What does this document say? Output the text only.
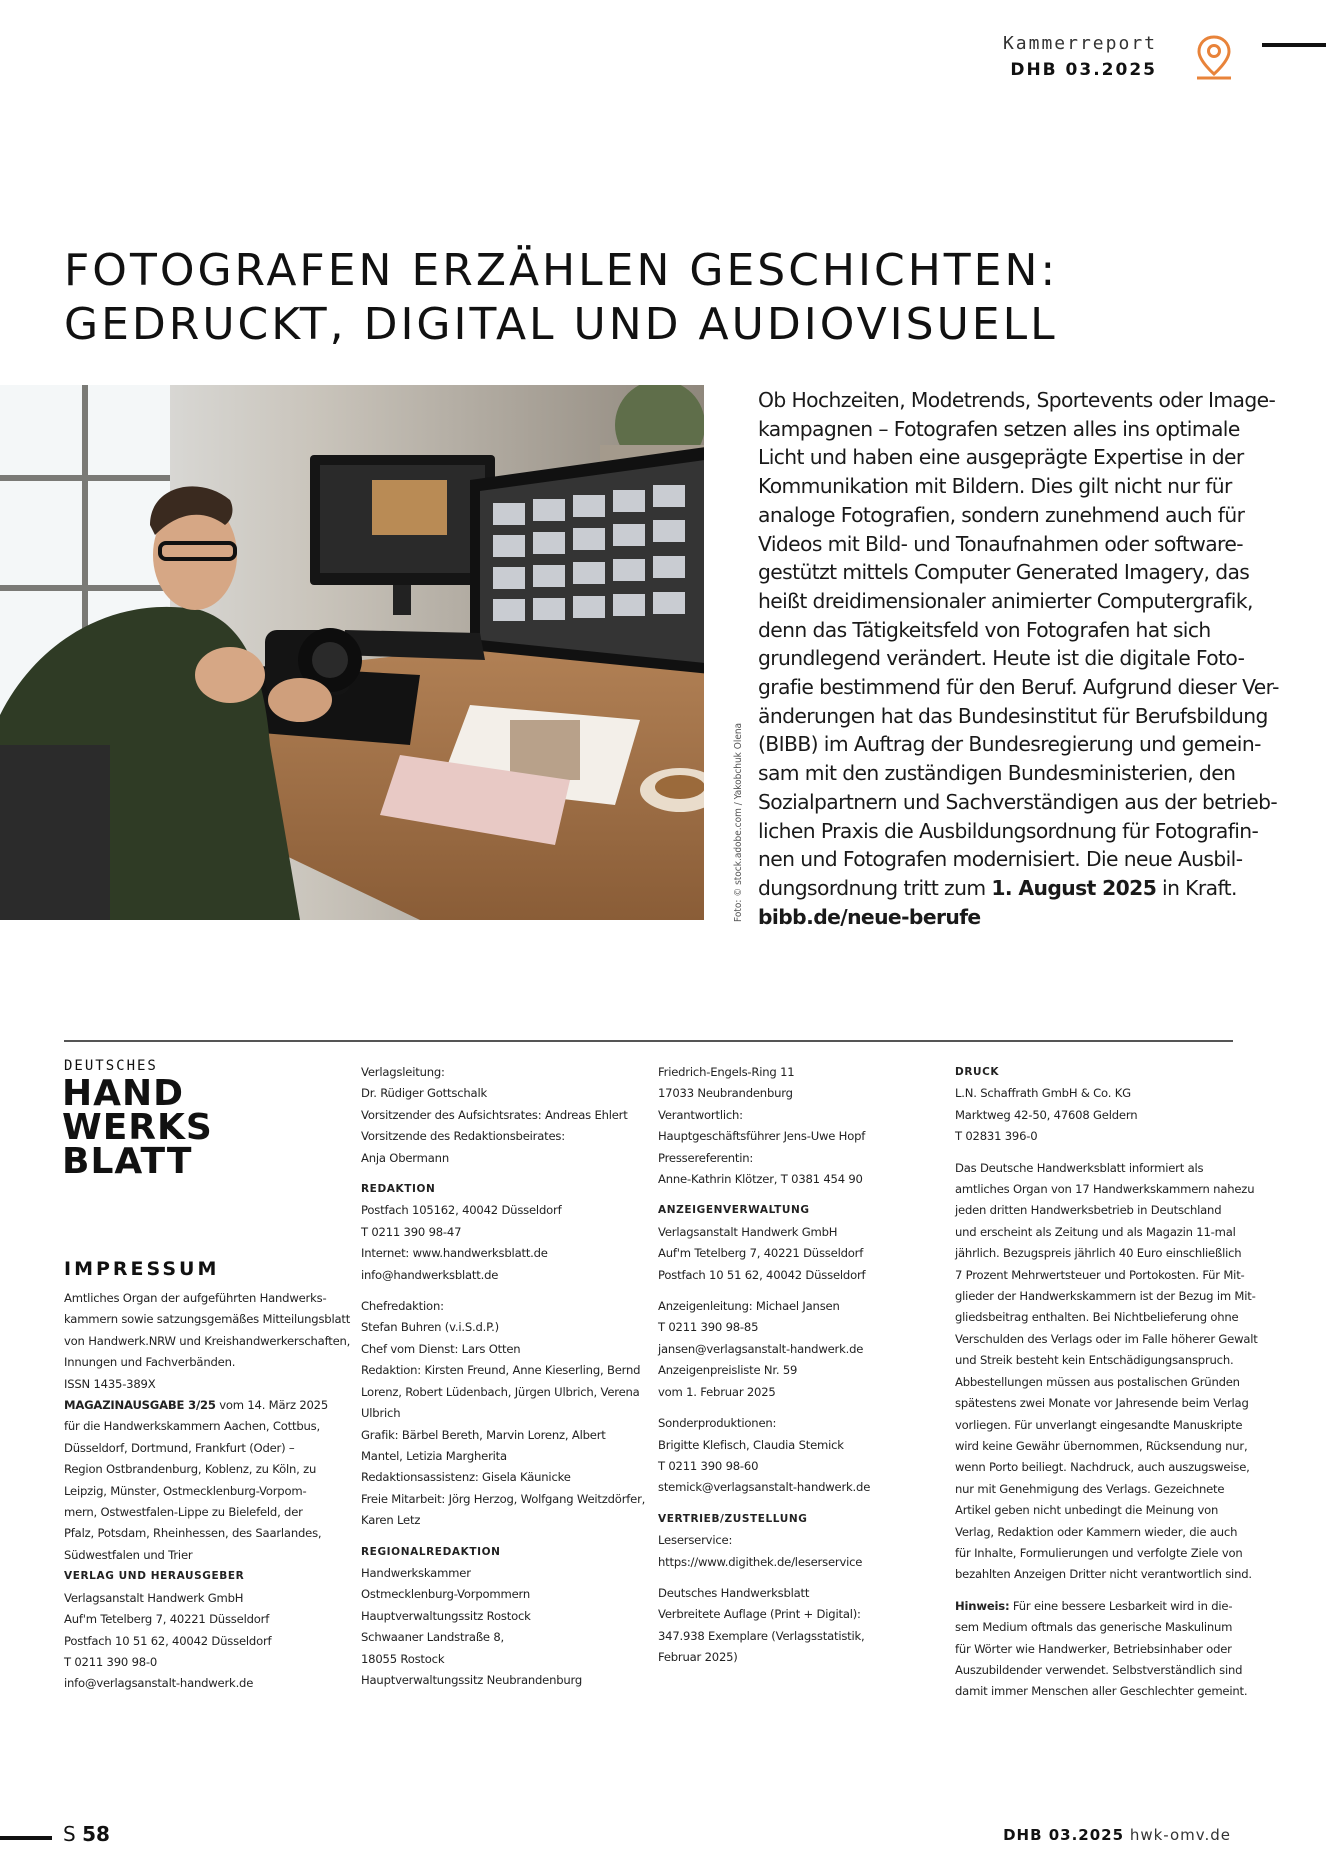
Kammerreport
DHB 03.2025
FOTOGRAFEN ERZÄHLEN GESCHICHTEN:
GEDRUCKT, DIGITAL UND AUDIOVISUELL
Foto: © stock.adobe.com / Yakobchuk Olena
Ob Hochzeiten, Modetrends, Sportevents oder Image-
kampagnen – Fotografen setzen alles ins optimale
Licht und haben eine ausgeprägte Expertise in der
Kommunikation mit Bildern. Dies gilt nicht nur für
analoge Fotografien, sondern zunehmend auch für
Videos mit Bild- und Tonaufnahmen oder software-
gestützt mittels Computer Generated Imagery, das
heißt dreidimensionaler animierter Computergrafik,
denn das Tätigkeitsfeld von Fotografen hat sich
grundlegend verändert. Heute ist die digitale Foto-
grafie bestimmend für den Beruf. Aufgrund dieser Ver-
änderungen hat das Bundesinstitut für Berufsbildung
(BIBB) im Auftrag der Bundesregierung und gemein-
sam mit den zuständigen Bundesministerien, den
Sozialpartnern und Sachverständigen aus der betrieb-
lichen Praxis die Ausbildungsordnung für Fotografin-
nen und Fotografen modernisiert. Die neue Ausbil-
dungsordnung tritt zum 1. August 2025 in Kraft.
bibb.de/neue-berufe
DEUTSCHES
HAND
WERKS
BLATT
IMPRESSUM
Amtliches Organ der aufgeführten Handwerks-
kammern sowie satzungsgemäßes Mitteilungsblatt
von Handwerk.NRW und Kreishandwerkerschaften,
Innungen und Fachverbänden.
ISSN 1435-389X
MAGAZINAUSGABE 3/25 vom 14. März 2025
für die Handwerkskammern Aachen, Cottbus,
Düsseldorf, Dortmund, Frankfurt (Oder) –
Region Ostbrandenburg, Koblenz, zu Köln, zu
Leipzig, Münster, Ostmecklenburg-Vorpom-
mern, Ostwestfalen-Lippe zu Bielefeld, der
Pfalz, Potsdam, Rheinhessen, des Saarlandes,
Südwestfalen und Trier
VERLAG UND HERAUSGEBER
Verlagsanstalt Handwerk GmbH
Auf'm Tetelberg 7, 40221 Düsseldorf
Postfach 10 51 62, 40042 Düsseldorf
T 0211 390 98-0
info@verlagsanstalt-handwerk.de
Verlagsleitung:
Dr. Rüdiger Gottschalk
Vorsitzender des Aufsichtsrates: Andreas Ehlert
Vorsitzende des Redaktionsbeirates:
Anja Obermann
REDAKTION
Postfach 105162, 40042 Düsseldorf
T 0211 390 98-47
Internet: www.handwerksblatt.de
info@handwerksblatt.de
Chefredaktion:
Stefan Buhren (v.i.S.d.P.)
Chef vom Dienst: Lars Otten
Redaktion: Kirsten Freund, Anne Kieserling, Bernd
Lorenz, Robert Lüdenbach, Jürgen Ulbrich, Verena
Ulbrich
Grafik: Bärbel Bereth, Marvin Lorenz, Albert
Mantel, Letizia Margherita
Redaktionsassistenz: Gisela Käunicke
Freie Mitarbeit: Jörg Herzog, Wolfgang Weitzdörfer,
Karen Letz
REGIONALREDAKTION
Handwerkskammer
Ostmecklenburg-Vorpommern
Hauptverwaltungssitz Rostock
Schwaaner Landstraße 8,
18055 Rostock
Hauptverwaltungssitz Neubrandenburg
Friedrich-Engels-Ring 11
17033 Neubrandenburg
Verantwortlich:
Hauptgeschäftsführer Jens-Uwe Hopf
Pressereferentin:
Anne-Kathrin Klötzer, T 0381 454 90
ANZEIGENVERWALTUNG
Verlagsanstalt Handwerk GmbH
Auf'm Tetelberg 7, 40221 Düsseldorf
Postfach 10 51 62, 40042 Düsseldorf
Anzeigenleitung: Michael Jansen
T 0211 390 98-85
jansen@verlagsanstalt-handwerk.de
Anzeigenpreisliste Nr. 59
vom 1. Februar 2025
Sonderproduktionen:
Brigitte Klefisch, Claudia Stemick
T 0211 390 98-60
stemick@verlagsanstalt-handwerk.de
VERTRIEB/ZUSTELLUNG
Leserservice:
https://www.digithek.de/leserservice
Deutsches Handwerksblatt
Verbreitete Auflage (Print + Digital):
347.938 Exemplare (Verlagsstatistik,
Februar 2025)
DRUCK
L.N. Schaffrath GmbH & Co. KG
Marktweg 42-50, 47608 Geldern
T 02831 396-0
Das Deutsche Handwerksblatt informiert als
amtliches Organ von 17 Handwerkskammern nahezu
jeden dritten Handwerksbetrieb in Deutschland
und erscheint als Zeitung und als Magazin 11-mal
jährlich. Bezugspreis jährlich 40 Euro einschließlich
7 Prozent Mehrwertsteuer und Portokosten. Für Mit-
glieder der Handwerkskammern ist der Bezug im Mit-
gliedsbeitrag enthalten. Bei Nichtbelieferung ohne
Verschulden des Verlags oder im Falle höherer Gewalt
und Streik besteht kein Entschädigungsanspruch.
Abbestellungen müssen aus postalischen Gründen
spätestens zwei Monate vor Jahresende beim Verlag
vorliegen. Für unverlangt eingesandte Manuskripte
wird keine Gewähr übernommen, Rücksendung nur,
wenn Porto beiliegt. Nachdruck, auch auszugsweise,
nur mit Genehmigung des Verlags. Gezeichnete
Artikel geben nicht unbedingt die Meinung von
Verlag, Redaktion oder Kammern wieder, die auch
für Inhalte, Formulierungen und verfolgte Ziele von
bezahlten Anzeigen Dritter nicht verantwortlich sind.
Hinweis: Für eine bessere Lesbarkeit wird in die-
sem Medium oftmals das generische Maskulinum
für Wörter wie Handwerker, Betriebsinhaber oder
Auszubildender verwendet. Selbstverständlich sind
damit immer Menschen aller Geschlechter gemeint.
S 58	DHB 03.2025 hwk-omv.de
